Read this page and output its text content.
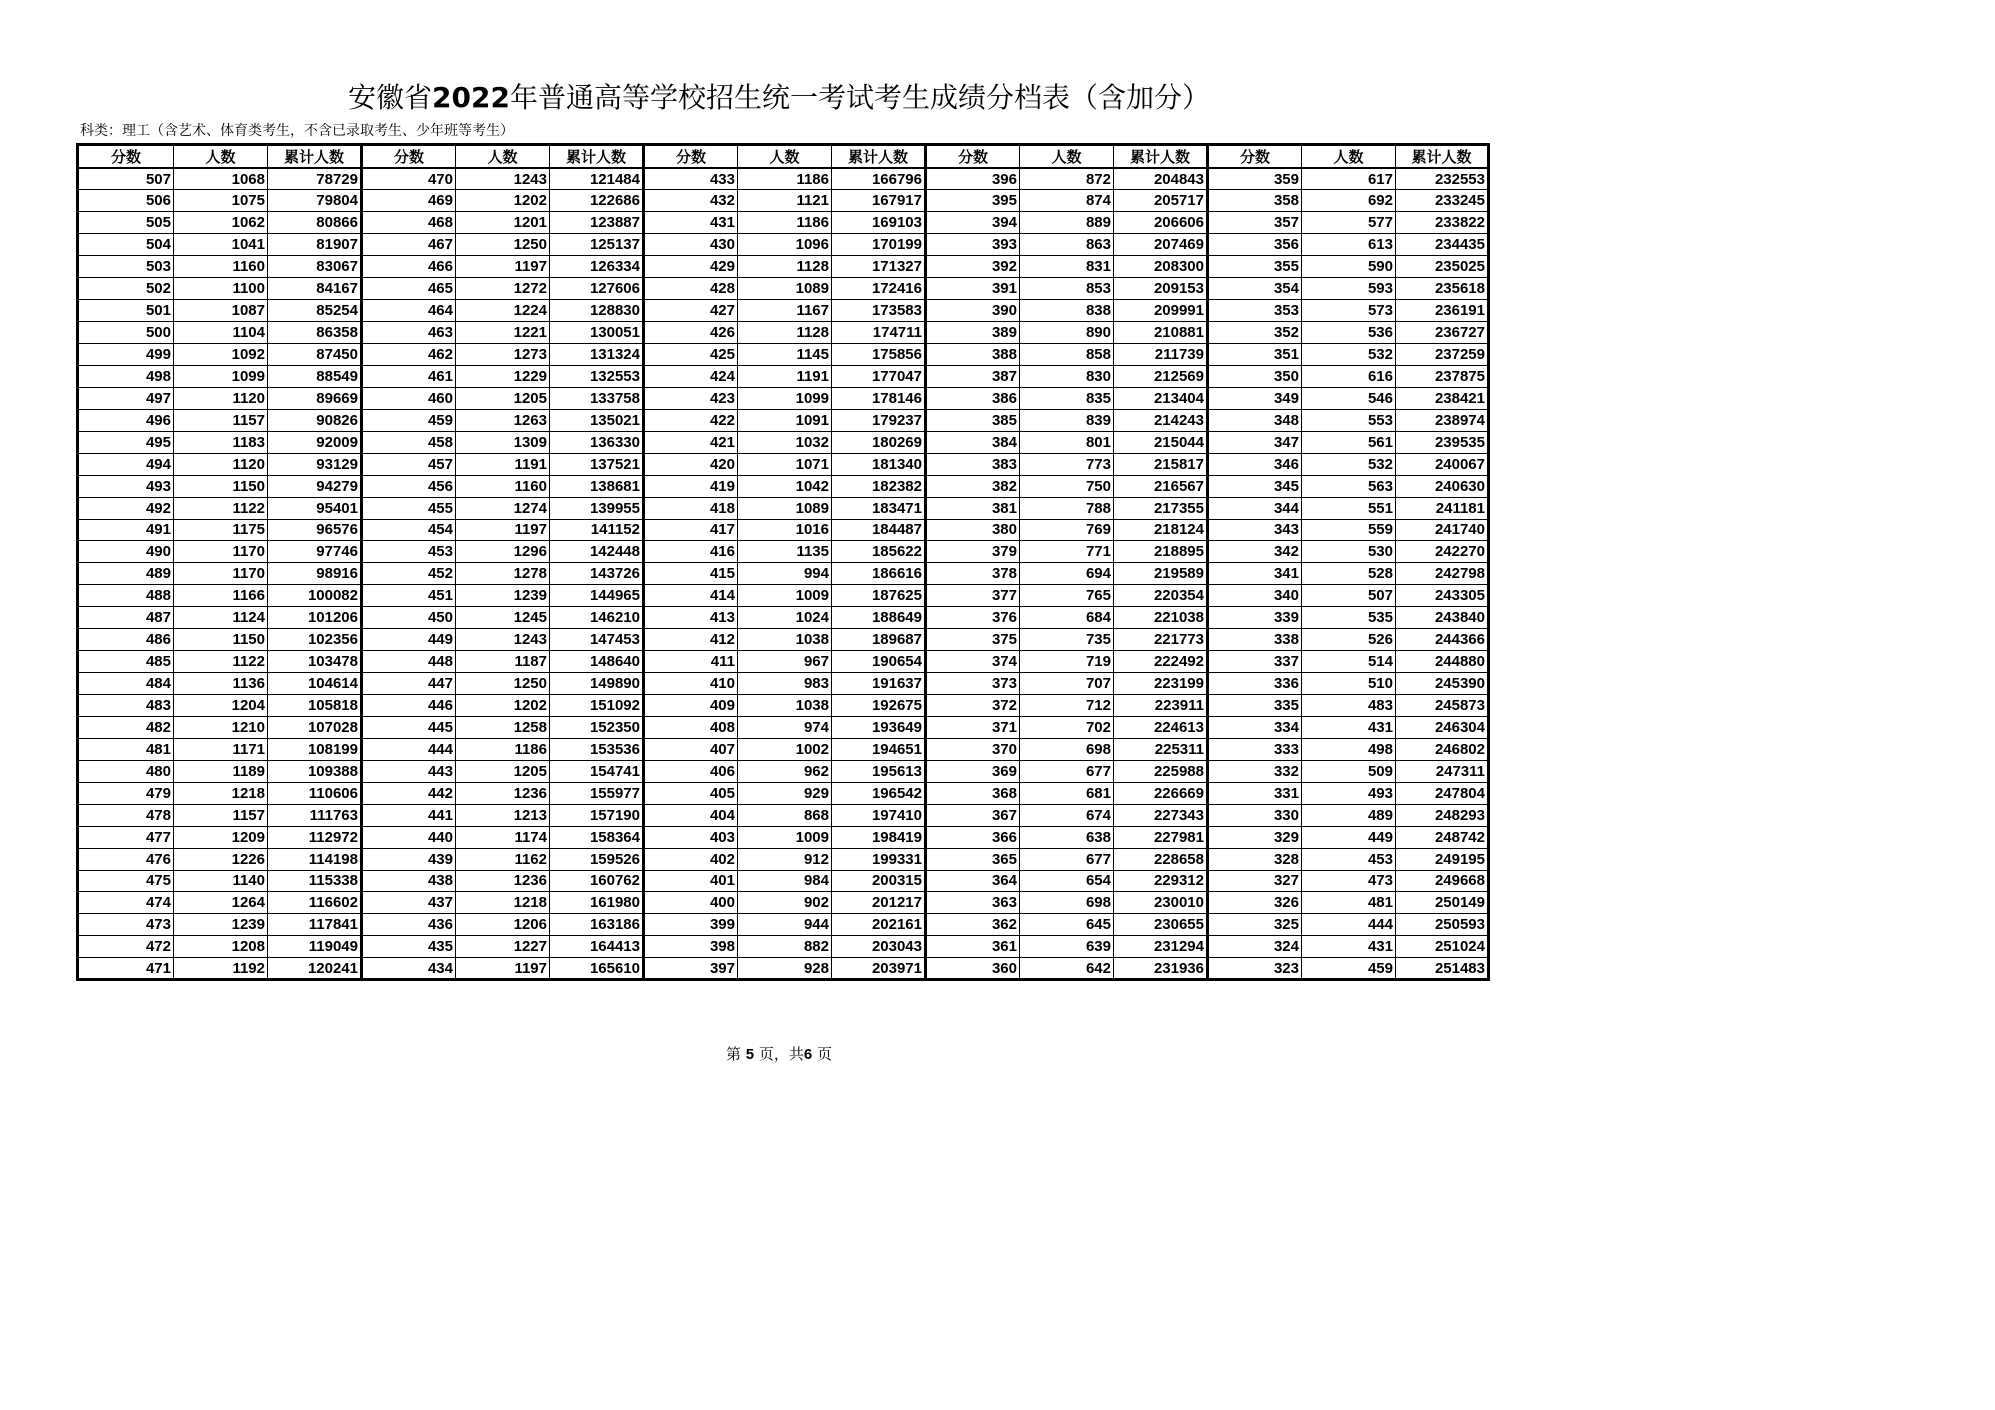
安徽省2022年普通高等学校招生统一考试考生成绩分档表（含加分）
科类：理工（含艺术、体育类考生，不含已录取考生、少年班等考生）
分数	人数	累计人数	分数	人数	累计人数	分数	人数	累计人数	分数	人数	累计人数	分数	人数	累计人数
507	1068	78729	470	1243	121484	433	1186	166796	396	872	204843	359	617	232553
506	1075	79804	469	1202	122686	432	1121	167917	395	874	205717	358	692	233245
505	1062	80866	468	1201	123887	431	1186	169103	394	889	206606	357	577	233822
504	1041	81907	467	1250	125137	430	1096	170199	393	863	207469	356	613	234435
503	1160	83067	466	1197	126334	429	1128	171327	392	831	208300	355	590	235025
502	1100	84167	465	1272	127606	428	1089	172416	391	853	209153	354	593	235618
501	1087	85254	464	1224	128830	427	1167	173583	390	838	209991	353	573	236191
500	1104	86358	463	1221	130051	426	1128	174711	389	890	210881	352	536	236727
499	1092	87450	462	1273	131324	425	1145	175856	388	858	211739	351	532	237259
498	1099	88549	461	1229	132553	424	1191	177047	387	830	212569	350	616	237875
497	1120	89669	460	1205	133758	423	1099	178146	386	835	213404	349	546	238421
496	1157	90826	459	1263	135021	422	1091	179237	385	839	214243	348	553	238974
495	1183	92009	458	1309	136330	421	1032	180269	384	801	215044	347	561	239535
494	1120	93129	457	1191	137521	420	1071	181340	383	773	215817	346	532	240067
493	1150	94279	456	1160	138681	419	1042	182382	382	750	216567	345	563	240630
492	1122	95401	455	1274	139955	418	1089	183471	381	788	217355	344	551	241181
491	1175	96576	454	1197	141152	417	1016	184487	380	769	218124	343	559	241740
490	1170	97746	453	1296	142448	416	1135	185622	379	771	218895	342	530	242270
489	1170	98916	452	1278	143726	415	994	186616	378	694	219589	341	528	242798
488	1166	100082	451	1239	144965	414	1009	187625	377	765	220354	340	507	243305
487	1124	101206	450	1245	146210	413	1024	188649	376	684	221038	339	535	243840
486	1150	102356	449	1243	147453	412	1038	189687	375	735	221773	338	526	244366
485	1122	103478	448	1187	148640	411	967	190654	374	719	222492	337	514	244880
484	1136	104614	447	1250	149890	410	983	191637	373	707	223199	336	510	245390
483	1204	105818	446	1202	151092	409	1038	192675	372	712	223911	335	483	245873
482	1210	107028	445	1258	152350	408	974	193649	371	702	224613	334	431	246304
481	1171	108199	444	1186	153536	407	1002	194651	370	698	225311	333	498	246802
480	1189	109388	443	1205	154741	406	962	195613	369	677	225988	332	509	247311
479	1218	110606	442	1236	155977	405	929	196542	368	681	226669	331	493	247804
478	1157	111763	441	1213	157190	404	868	197410	367	674	227343	330	489	248293
477	1209	112972	440	1174	158364	403	1009	198419	366	638	227981	329	449	248742
476	1226	114198	439	1162	159526	402	912	199331	365	677	228658	328	453	249195
475	1140	115338	438	1236	160762	401	984	200315	364	654	229312	327	473	249668
474	1264	116602	437	1218	161980	400	902	201217	363	698	230010	326	481	250149
473	1239	117841	436	1206	163186	399	944	202161	362	645	230655	325	444	250593
472	1208	119049	435	1227	164413	398	882	203043	361	639	231294	324	431	251024
471	1192	120241	434	1197	165610	397	928	203971	360	642	231936	323	459	251483
第 5 页，共6 页
